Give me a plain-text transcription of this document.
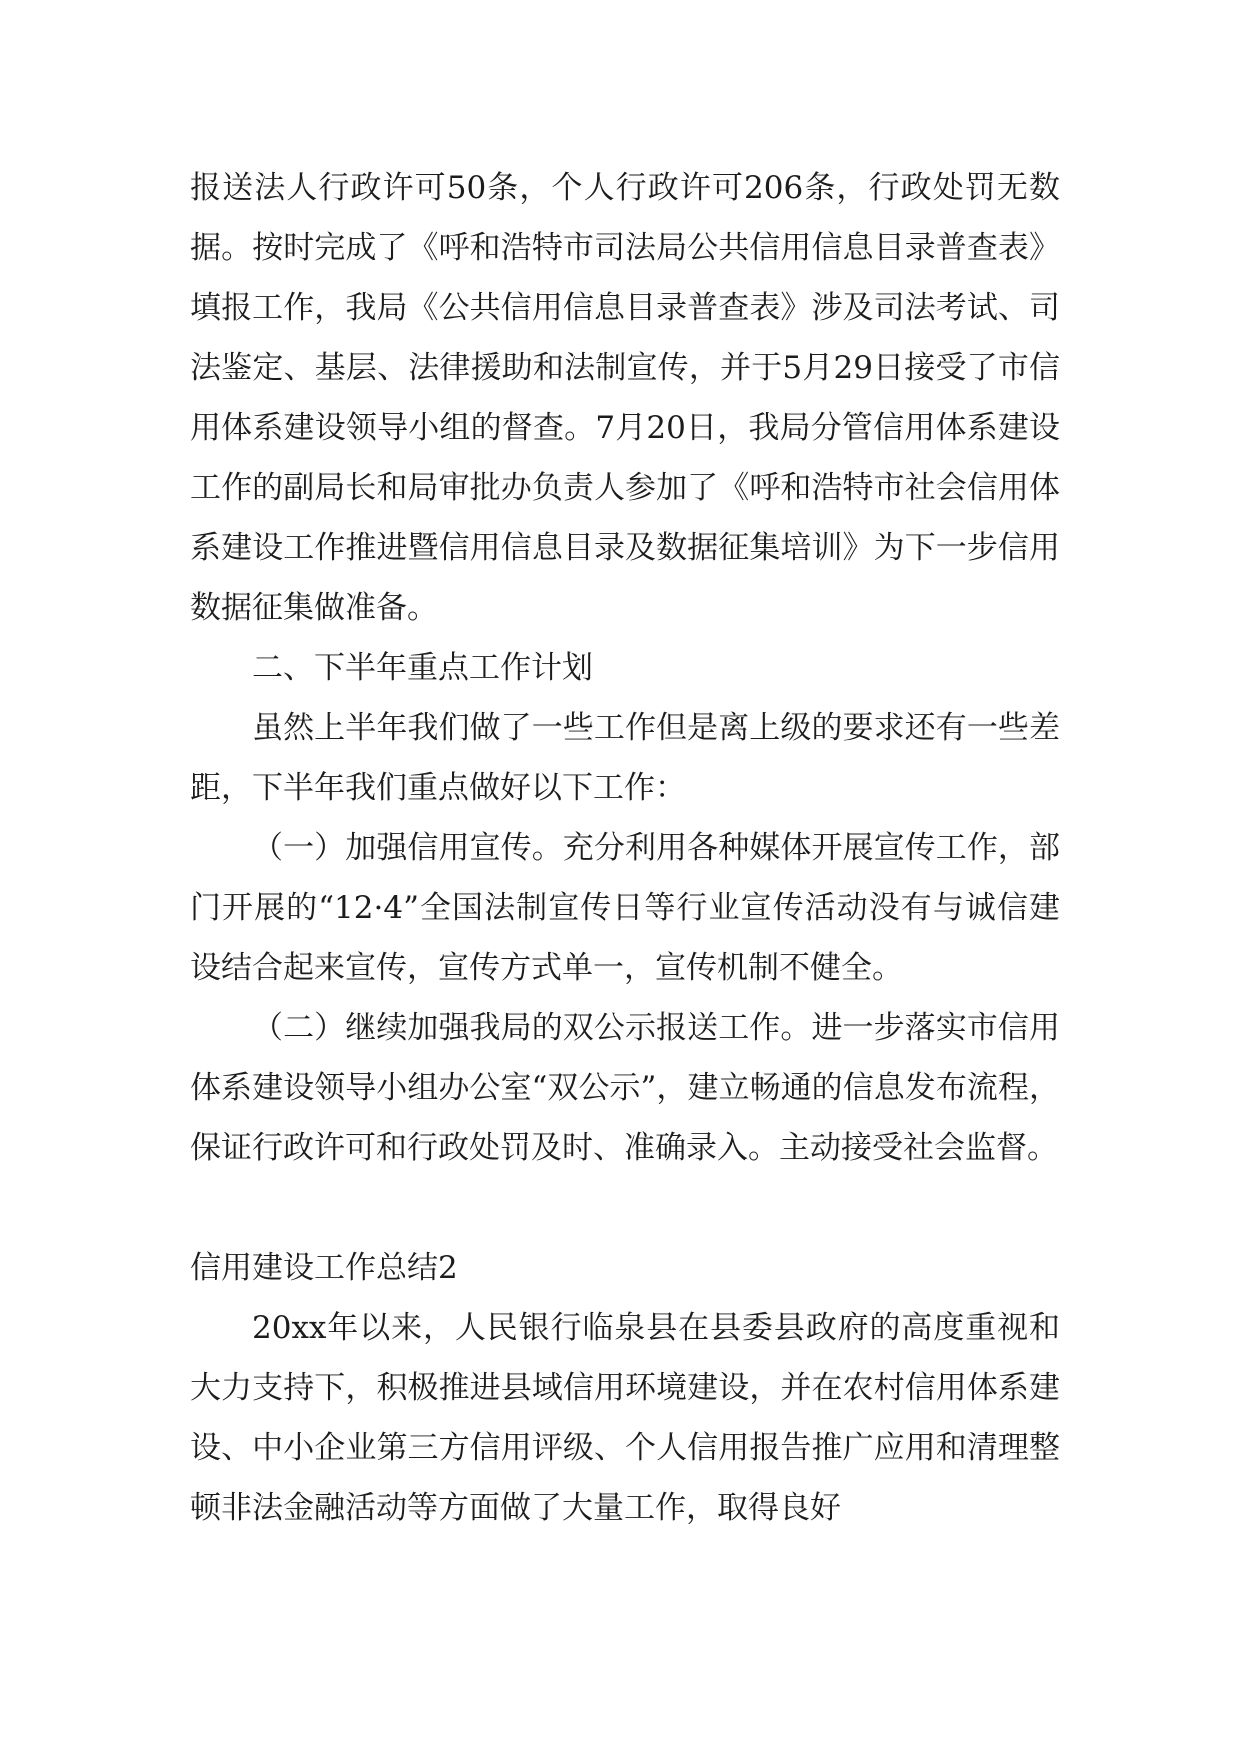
报送法人行政许可50条，个人行政许可206条，行政处罚无数据。按时完成了《呼和浩特市司法局公共信用信息目录普查表》填报工作，我局《公共信用信息目录普查表》涉及司法考试、司法鉴定、基层、法律援助和法制宣传，并于5月29日接受了市信用体系建设领导小组的督查。7月20日，我局分管信用体系建设工作的副局长和局审批办负责人参加了《呼和浩特市社会信用体系建设工作推进暨信用信息目录及数据征集培训》为下一步信用数据征集做准备。

二、下半年重点工作计划

虽然上半年我们做了一些工作但是离上级的要求还有一些差距，下半年我们重点做好以下工作：

（一）加强信用宣传。充分利用各种媒体开展宣传工作，部门开展的“12·4”全国法制宣传日等行业宣传活动没有与诚信建设结合起来宣传，宣传方式单一，宣传机制不健全。

（二）继续加强我局的双公示报送工作。进一步落实市信用体系建设领导小组办公室“双公示”，建立畅通的信息发布流程，保证行政许可和行政处罚及时、准确录入。主动接受社会监督。

信用建设工作总结2

20xx年以来，人民银行临泉县在县委县政府的高度重视和大力支持下，积极推进县域信用环境建设，并在农村信用体系建设、中小企业第三方信用评级、个人信用报告推广应用和清理整顿非法金融活动等方面做了大量工作，取得良好
